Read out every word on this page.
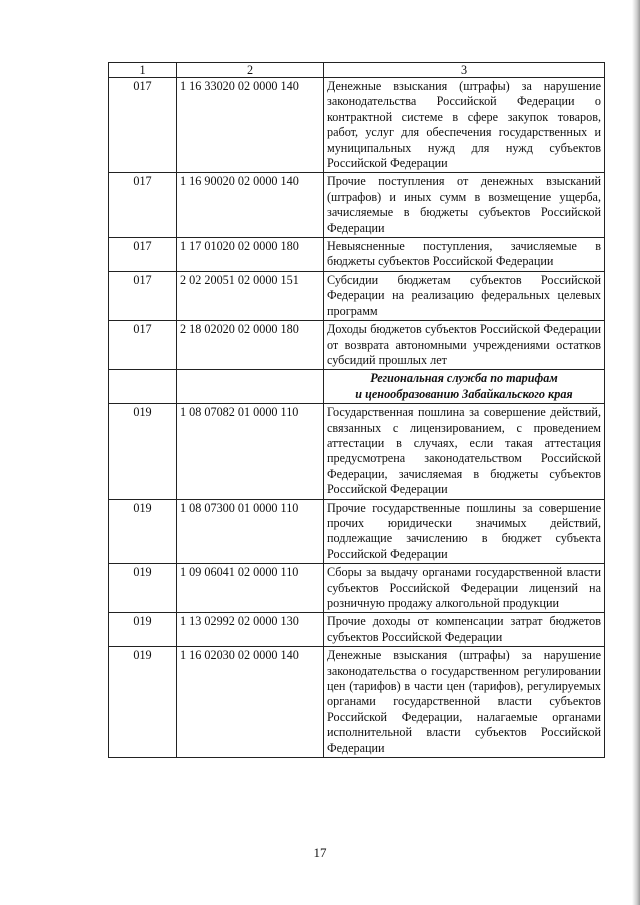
1	2	3
017	1 16 33020 02 0000 140	Денежные взыскания (штрафы) за нарушение законодательства Российской Федерации о контрактной системе в сфере закупок товаров, работ, услуг для обеспечения государственных и муниципальных нужд для нужд субъектов Российской Федерации
017	1 16 90020 02 0000 140	Прочие поступления от денежных взысканий (штрафов) и иных сумм в возмещение ущерба, зачисляемые в бюджеты субъектов Российской Федерации
017	1 17 01020 02 0000 180	Невыясненные поступления, зачисляемые в бюджеты субъектов Российской Федерации
017	2 02 20051 02 0000 151	Субсидии бюджетам субъектов Российской Федерации на реализацию федеральных целевых программ
017	2 18 02020 02 0000 180	Доходы бюджетов субъектов Российской Федерации от возврата автономными учреждениями остатков субсидий прошлых лет

		Региональная служба по тарифам
и ценообразованию Забайкальского края

019	1 08 07082 01 0000 110	Государственная пошлина за совершение действий, связанных с лицензированием, с проведением аттестации в случаях, если такая аттестация предусмотрена законодательством Российской Федерации, зачисляемая в бюджеты субъектов Российской Федерации
019	1 08 07300 01 0000 110	Прочие государственные пошлины за совершение прочих юридически значимых действий, подлежащие зачислению в бюджет субъекта Российской Федерации
019	1 09 06041 02 0000 110	Сборы за выдачу органами государственной власти субъектов Российской Федерации лицензий на розничную продажу алкогольной продукции
019	1 13 02992 02 0000 130	Прочие доходы от компенсации затрат бюджетов субъектов Российской Федерации
019	1 16 02030 02 0000 140	Денежные взыскания (штрафы) за нарушение законодательства о государственном регулировании цен (тарифов) в части цен (тарифов), регулируемых органами государственной власти субъектов Российской Федерации, налагаемые органами исполнительной власти субъектов Российской Федерации
17
